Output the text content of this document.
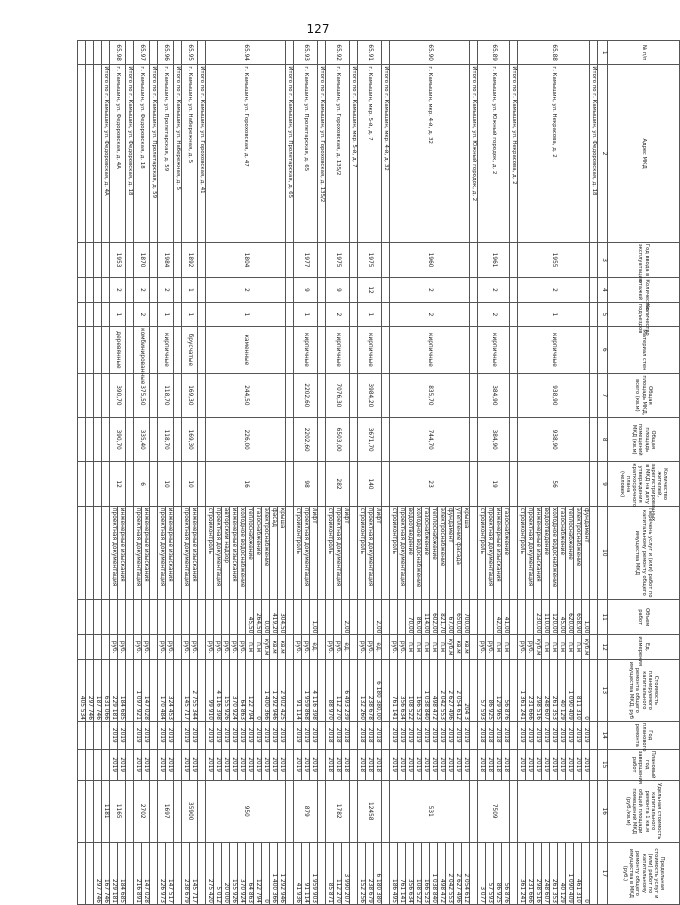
127
№ п/п	Адрес МКД	Год ввода в эксплуатацию	Количество этажей	Количество подъездов	Материал стен	Общая площадь МКД, всего (кв.м)	Общая площадь помещений МКД (кв.м)	Количество жителей, зарегистрированных в МКД на дату утверждения краткосрочного плана (человек)	Перечень услуг и (или) работ по капитальному ремонту общего имущества МКД	Объем работ	Ед. измерения	Стоимость планируемого капитального ремонта общего имущества МКД, руб	Год планового ремонта	Плановый год завершения работ	Удельная стоимость капитального ремонта 1 кв.м общей площади помещений МКД (руб./кв.м)	Предельная стоимость услуг и (или) работ по капитальному ремонту общего имущества в МКД (руб.)
1	2	3	4	5	6	7	8	9	10	11	12	13	14	15	16	17
	Итого по г. Камышин, ул. Федоровская, д. 18															
65.88	г. Камышин, ул. Некрасова, д. 2	1955	2	1	кирпичные	938,90	938,90	56	фундамент	1,00	куб.м	0	2019	2019		0
									электроснабжение	658,90	п.м	811 310	2019	2019		461 310
									теплоснабжение	620,00	п.м	1 090 409	2019	2019		1 090 409
									газоснабжение	45,00	п.м	40 129	2019	2019		40 129
									холодное водоснабжение	120,00	п.м	261 353	2019	2019		261 353
									водоотведение	110,00	п.м	248 607	2019	2019		248 607
									инженерные изыскания	230,00	куб.м	298 516	2019	2019		298 516
									проектная документация		руб.	231 666	2019	2019		231 666
									стройконтроль		руб.	1 361 241	2019	2019		361 241
	Итого по г. Камышин, ул. Некрасова, д. 2															
65.89	г. Камышин, ул. Южный городок, д. 2	1961	2	2	кирпичные	384,90	384,90	19	газоснабжение	41,00	п.м	56 876	2018	2018	7509	56 876
									инженерные изыскания	42,00	п.м	129 965	2018	2018		86 925
									проектная документация		руб.	86 925	2018	2018		57 593
									стройконтроль		руб.	57 593	2018	2018		3 077
	Итого по г. Камышин, ул. Южный городок, д. 2															
65.90	г. Камышин, мкр. 4-й, д. 32	1960	2	2	кирпичные	835,70	744,70	23	крыша	700,00	кв.м	204 3	2019	2019	531	2 054 612
									утепление фасада	650,00	кв.м	2 054 612	2019	2019		2 627 496
									фундамент	67,00	куб.м	2 627 496	2019	2019		2 042 553
									электроснабжение	821,70	п.м	2 042 553	2019	2019		498 472
									теплоснабжение	602,00	п.м	498 472	2019	2019		1 038 840
									газоснабжение	114,00	п.м	1 038 840	2019	2019		166 523
									холодное водоснабжение	86,00	п.м	166 523	2019	2019		108 522
									водоотведение	70,00	п.м	108 522	2019	2019		356 634
									проектная документация		руб.	356 634	2019	2019		761 141
									стройконтроль		руб.	761 141	2019	2019		186 495
	Итого по г. Камышин, мкр. 4-й, д. 32															
65.91	г. Камышин, мкр. 5-й, д. 7	1975	12	1	кирпичные	3984,20	3671,70	140	лифт	2,00	ед.	6 180 380,00	2018	2018	12458	6 180 380
									проектная документация		руб.	238 678	2018	2018		238 679
									стройконтроль		руб.	132 260	2018	2018		152 256
	Итого по г. Камышин, мкр. 5-й, д. 7															
65.92	г. Камышин, ул. Гороховская, д. 135/2	1975	9	2	кирпичные	7076,30	6503,00	282	лифт	2,00	ед.	6 493 239	2018	2018	1782	3 990 207
									проектная документация		руб.	112 270	2018	2018		112 270
									стройконтроль		руб.	88 970	2018	2018		85 871
	Итого по г. Камышин, ул. Гороховская, д. 135/2															
65.93	г. Камышин, ул. Пролетарская, д. 65	1977	9	1	кирпичные	2202,60	2202,60	98	лифт	1,00	ед.	4 116 398	2019	2019	879	1 959 903
									проектная документация		руб.	1 959 868	2019	2019		91 114
									стройконтроль		руб.	91 114	2019	2019		41 936
	Итого по г. Камышин, ул. Пролетарская, д. 65															
65.94	г. Камышин, ул. Гороховская, д. 47	1804	2	1	каменные	244,50	226,00	16	крыша	304,50	кв.м	2 902 425	2019	2019	950	1 292 946
									фасад	419,20	кв.м	1 292 946	2019	2019		1 400 366
									электроснабжение	0,00	куб.м	1 400 366	2019	2019		0
									газоснабжение	264,50	п.м	0	2019	2019		122 794
									теплоснабжение	45,50	п.м	122 794	2019	2019		64 863
									холодное водоснабжение		руб.	64 863	2019	2019		370 924
									инженерные изыскания		руб.	370 924	2019	2019		155 926
									авторский надзор		руб.	155 926	2019	2019		20 000
									проектная документация		руб.	4 116 398	2019	2019		5 012
									стройконтроль		руб.	99 910	2019	2019		275 420
	Итого по г. Камышин, ул. Гороховская, д. 41															
65.95	г. Камышин, ул. Набережная, д. 5	1892	1	1	брусчатые	169,30	169,30	10	инженерные изыскания		руб.	2 755 344	2019	2019	35900	145 717
									проектная документация		руб.	145 717	2019	2019		238 679
	Итого по г. Камышин, ул. Набережная, д. 5															
65.96	г. Камышин, ул. Пролетарская, д. 59	1984	2	1	кирпичные	118,70	118,70	10	инженерные изыскания		руб.	324 453	2019	2019	1697	147 517
									проектная документация		руб.	170 484	2019	2019		226 973
	Итого по г. Камышин, ул. Пролетарская, д. 59															
65.97	г. Камышин, ул. Федоровская, д. 18	1870	2	2	комбинированные	375,50	335,40	6	инженерные изыскания		руб.	147 028	2019	2019	2702	147 028
									проектная документация		руб.	1 097 921	2019	2019		216 891
	Итого по г. Камышин, ул. Федоровская, д. 18															
65.98	г. Камышин, ул. Федоровская, д. 4А	1953	2	1	деревянные	390,70	390,70	12	инженерные изыскания		руб.	184 685	2019	2019	1165	184 685
									проектная документация		руб.	229 181	2019	2019		229 181
	Итого по г. Камышин, ул. Федоровская, д. 4А											631 066			1181	167 746
												187 746				297 746
												297 746				
												405 534				
